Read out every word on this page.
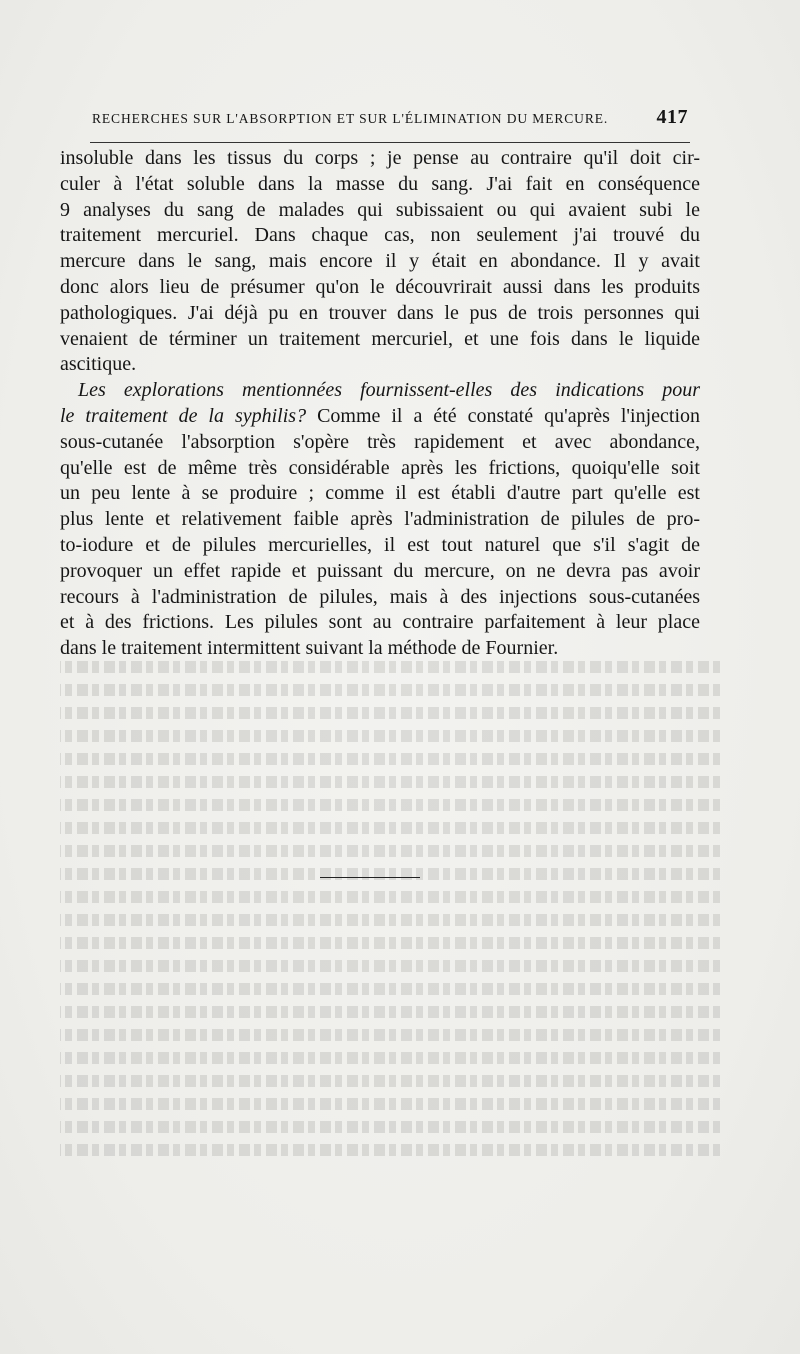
RECHERCHES SUR L'ABSORPTION ET SUR L'ÉLIMINATION DU MERCURE. 417

insoluble dans les tissus du corps ; je pense au contraire qu'il doit cir-
culer à l'état soluble dans la masse du sang. J'ai fait en conséquence
9 analyses du sang de malades qui subissaient ou qui avaient subi le
traitement mercuriel. Dans chaque cas, non seulement j'ai trouvé du
mercure dans le sang, mais encore il y était en abondance. Il y avait
donc alors lieu de présumer qu'on le découvrirait aussi dans les produits
pathologiques. J'ai déjà pu en trouver dans le pus de trois personnes qui
venaient de términer un traitement mercuriel, et une fois dans le liquide
ascitique.

Les explorations mentionnées fournissent-elles des indications pour
le traitement de la syphilis? Comme il a été constaté qu'après l'injection
sous-cutanée l'absorption s'opère très rapidement et avec abondance,
qu'elle est de même très considérable après les frictions, quoiqu'elle soit
un peu lente à se produire ; comme il est établi d'autre part qu'elle est
plus lente et relativement faible après l'administration de pilules de pro-
to-iodure et de pilules mercurielles, il est tout naturel que s'il s'agit de
provoquer un effet rapide et puissant du mercure, on ne devra pas avoir
recours à l'administration de pilules, mais à des injections sous-cutanées
et à des frictions. Les pilules sont au contraire parfaitement à leur place
dans le traitement intermittent suivant la méthode de Fournier.
